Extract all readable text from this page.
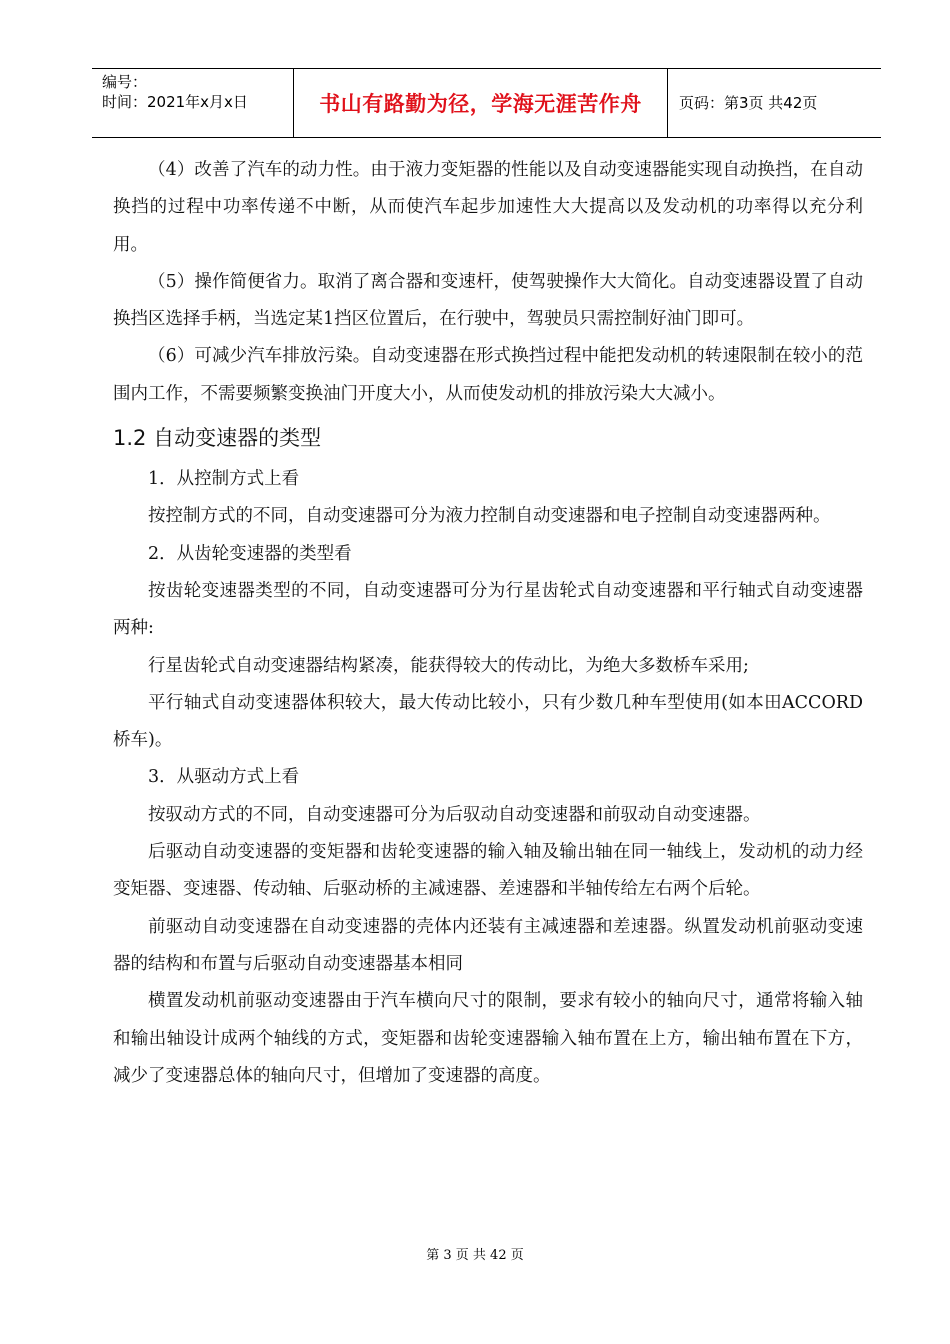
编号：
时间：2021年x月x日	书山有路勤为径，学海无涯苦作舟	页码：第3页 共42页

（4）改善了汽车的动力性。由于液力变矩器的性能以及自动变速器能实现自动换挡，在自动换挡的过程中功率传递不中断，从而使汽车起步加速性大大提高以及发动机的功率得以充分利用。

（5）操作简便省力。取消了离合器和变速杆，使驾驶操作大大简化。自动变速器设置了自动换挡区选择手柄，当选定某1挡区位置后，在行驶中，驾驶员只需控制好油门即可。

（6）可减少汽车排放污染。自动变速器在形式换挡过程中能把发动机的转速限制在较小的范围内工作，不需要频繁变换油门开度大小，从而使发动机的排放污染大大减小。

1.2 自动变速器的类型

1．从控制方式上看

按控制方式的不同，自动变速器可分为液力控制自动变速器和电子控制自动变速器两种。

2．从齿轮变速器的类型看

按齿轮变速器类型的不同，自动变速器可分为行星齿轮式自动变速器和平行轴式自动变速器两种:

行星齿轮式自动变速器结构紧凑，能获得较大的传动比，为绝大多数桥车采用;

平行轴式自动变速器体积较大，最大传动比较小，只有少数几种车型使用(如本田ACCORD桥车)。

3．从驱动方式上看

按驭动方式的不同，自动变速器可分为后驭动自动变速器和前驭动自动变速器。

后驱动自动变速器的变矩器和齿轮变速器的输入轴及输出轴在同一轴线上，发动机的动力经变矩器、变速器、传动轴、后驱动桥的主减速器、差速器和半轴传给左右两个后轮。

前驱动自动变速器在自动变速器的壳体内还装有主减速器和差速器。纵置发动机前驱动变速器的结构和布置与后驱动自动变速器基本相同

横置发动机前驱动变速器由于汽车横向尺寸的限制，要求有较小的轴向尺寸，通常将输入轴和输出轴设计成两个轴线的方式，变矩器和齿轮变速器输入轴布置在上方，输出轴布置在下方，减少了变速器总体的轴向尺寸，但增加了变速器的高度。

第 3 页 共 42 页
